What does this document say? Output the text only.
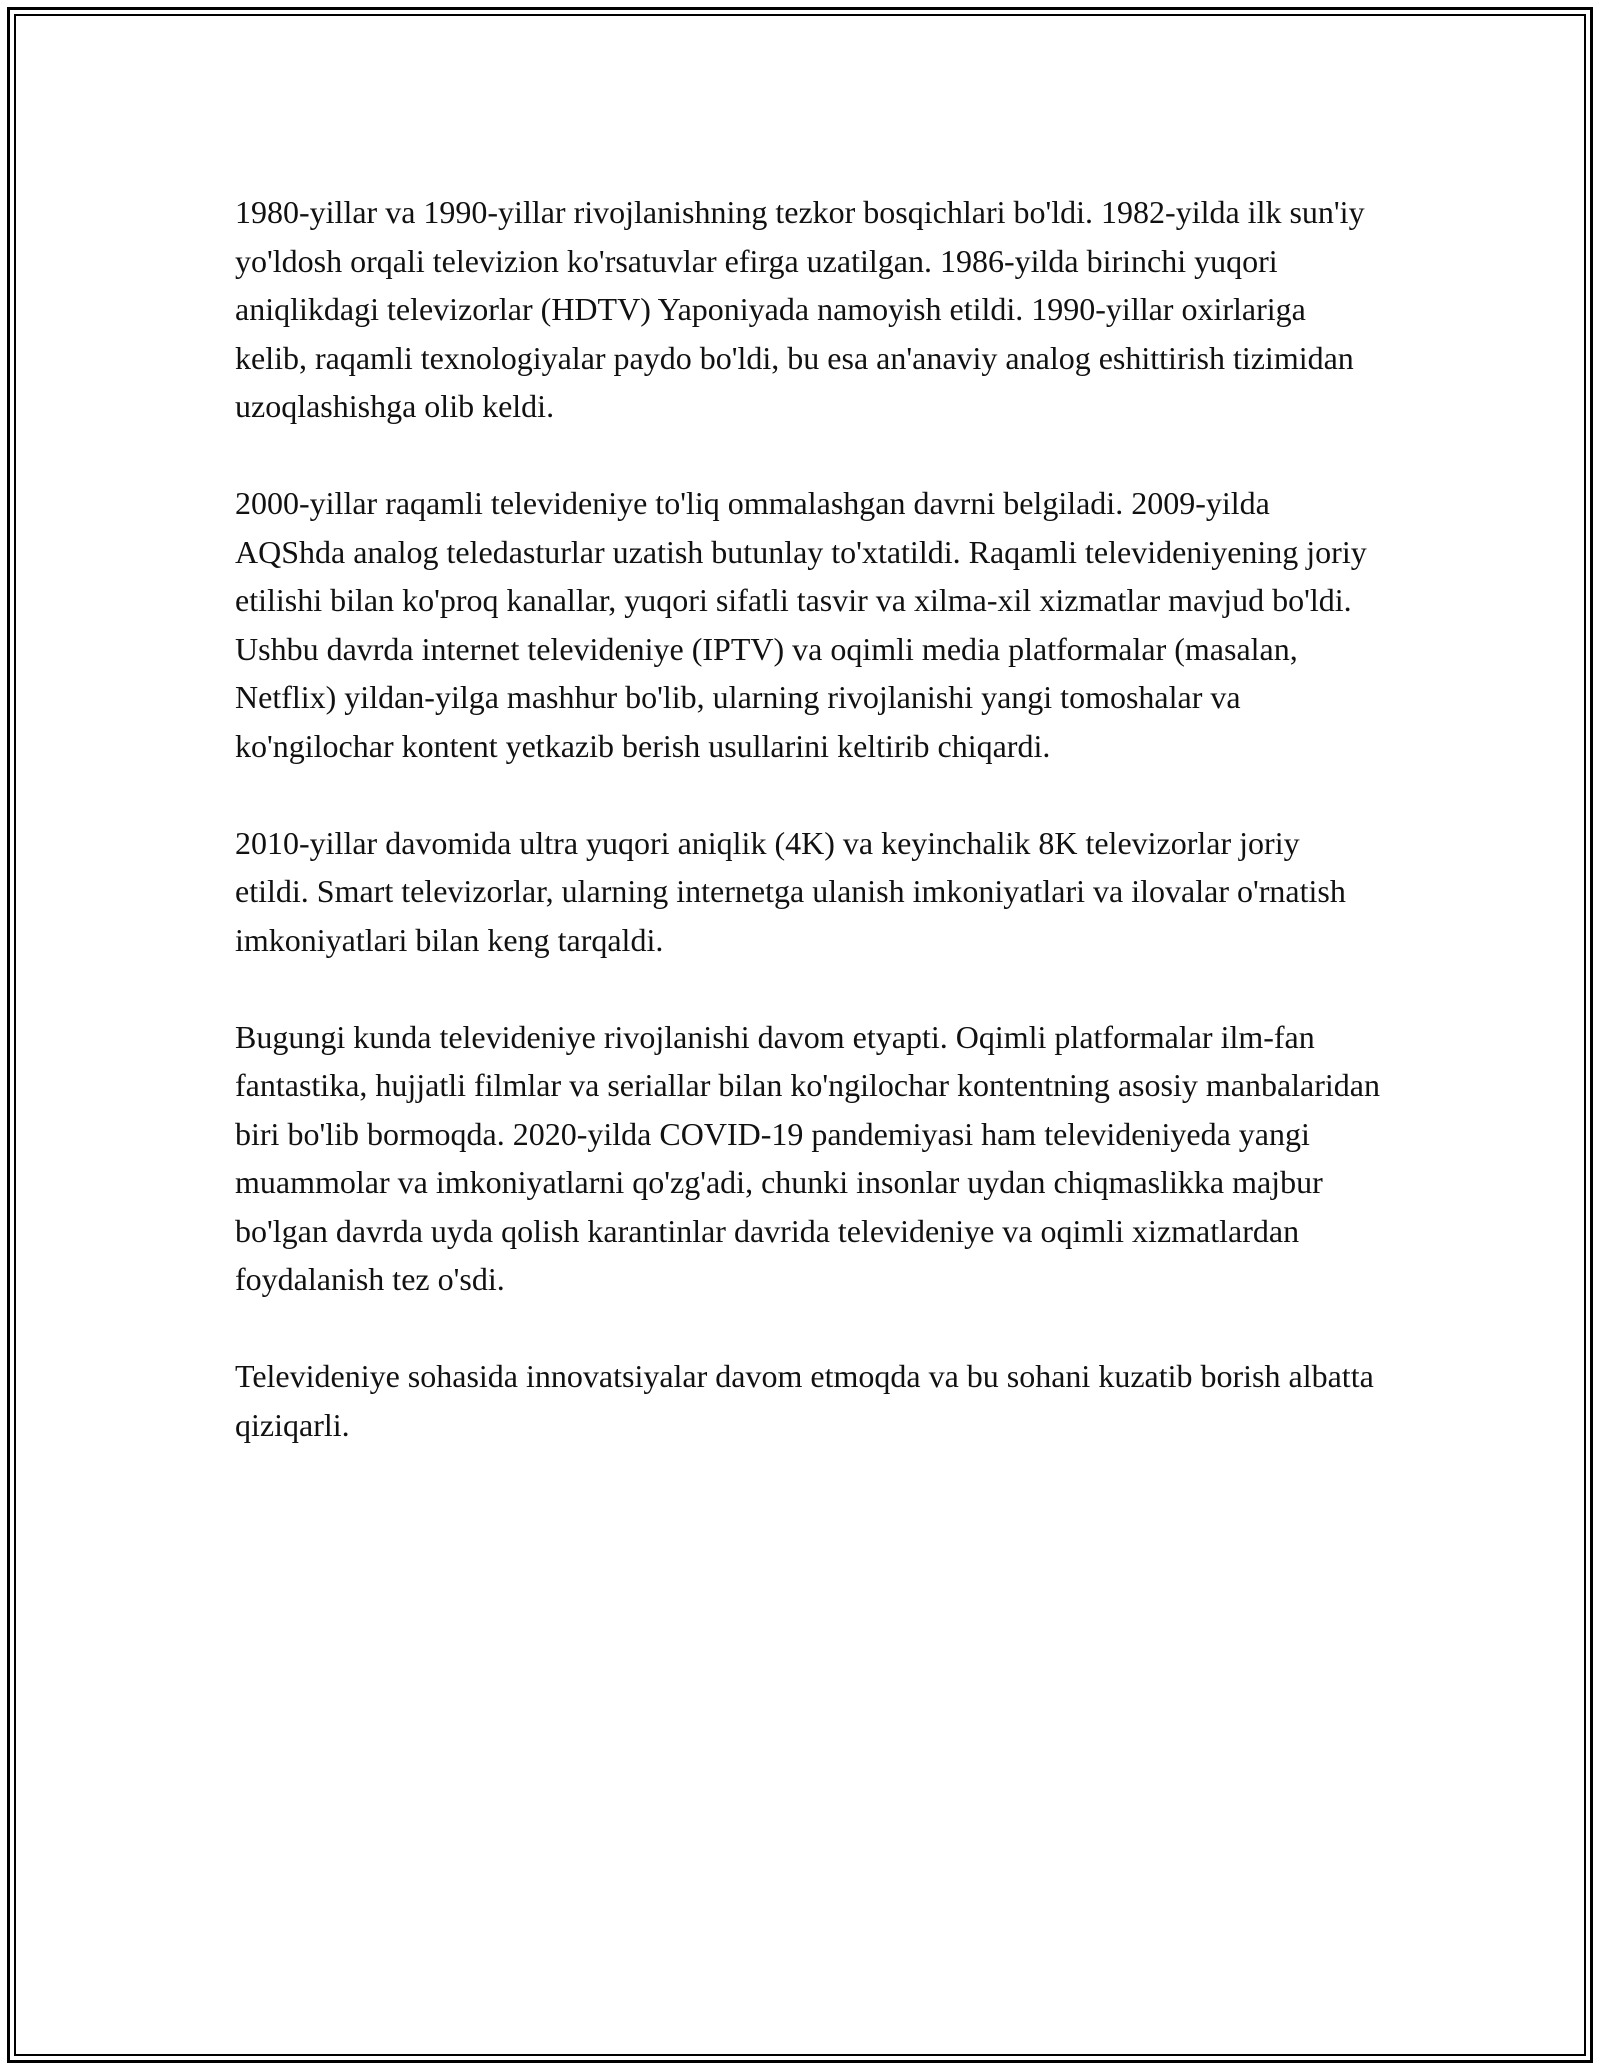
1980-yillar va 1990-yillar rivojlanishning tezkor bosqichlari bo'ldi. 1982-yilda ilk sun'iy yo'ldosh orqali televizion ko'rsatuvlar efirga uzatilgan. 1986-yilda birinchi yuqori aniqlikdagi televizorlar (HDTV) Yaponiyada namoyish etildi. 1990-yillar oxirlariga kelib, raqamli texnologiyalar paydo bo'ldi, bu esa an'anaviy analog eshittirish tizimidan uzoqlashishga olib keldi.

2000-yillar raqamli televideniye to'liq ommalashgan davrni belgiladi. 2009-yilda AQShda analog teledasturlar uzatish butunlay to'xtatildi. Raqamli televideniyening joriy etilishi bilan ko'proq kanallar, yuqori sifatli tasvir va xilma-xil xizmatlar mavjud bo'ldi. Ushbu davrda internet televideniye (IPTV) va oqimli media platformalar (masalan, Netflix) yildan-yilga mashhur bo'lib, ularning rivojlanishi yangi tomoshalar va ko'ngilochar kontent yetkazib berish usullarini keltirib chiqardi.

2010-yillar davomida ultra yuqori aniqlik (4K) va keyinchalik 8K televizorlar joriy etildi. Smart televizorlar, ularning internetga ulanish imkoniyatlari va ilovalar o'rnatish imkoniyatlari bilan keng tarqaldi.

Bugungi kunda televideniye rivojlanishi davom etyapti. Oqimli platformalar ilm-fan fantastika, hujjatli filmlar va seriallar bilan ko'ngilochar kontentning asosiy manbalaridan biri bo'lib bormoqda. 2020-yilda COVID-19 pandemiyasi ham televideniyeda yangi muammolar va imkoniyatlarni qo'zg'adi, chunki insonlar uydan chiqmaslikka majbur bo'lgan davrda uyda qolish karantinlar davrida televideniye va oqimli xizmatlardan foydalanish tez o'sdi.

Televideniye sohasida innovatsiyalar davom etmoqda va bu sohani kuzatib borish albatta qiziqarli.
